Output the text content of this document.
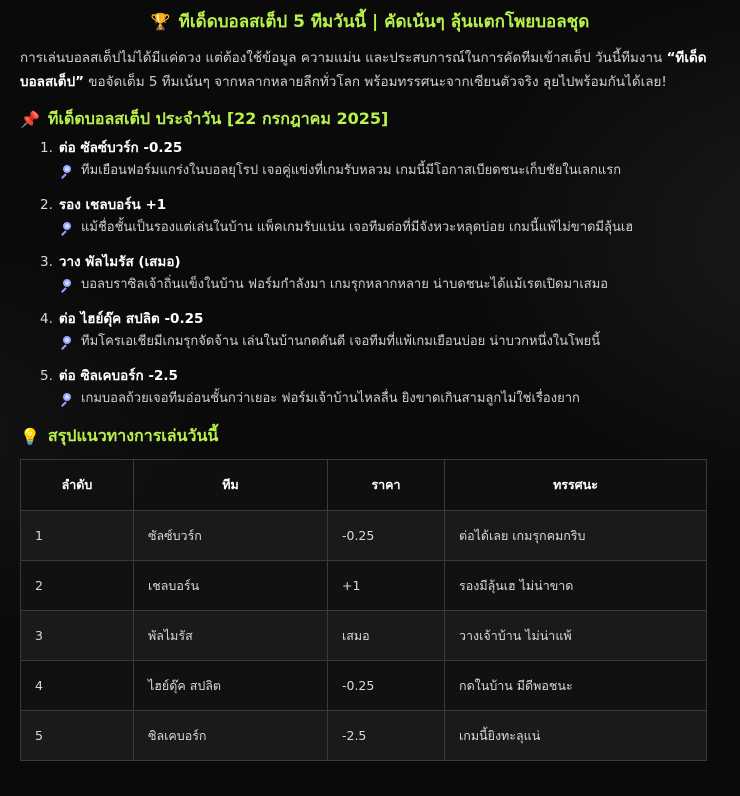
🏆 ทีเด็ดบอลสเต็ป 5 ทีมวันนี้ | คัดเน้นๆ ลุ้นแตกโพยบอลชุด

การเล่นบอลสเต็ปไม่ได้มีแค่ดวง แต่ต้องใช้ข้อมูล ความแม่น และประสบการณ์ในการคัดทีมเข้าสเต็ป วันนี้ทีมงาน “ทีเด็ดบอลสเต็ป” ขอจัดเต็ม 5 ทีมเน้นๆ จากหลากหลายลีกทั่วโลก พร้อมทรรศนะจากเซียนตัวจริง ลุยไปพร้อมกันได้เลย!

📌 ทีเด็ดบอลสเต็ป ประจำวัน [22 กรกฎาคม 2025]
1. ต่อ ซัลซ์บวร์ก -0.25
ทีมเยือนฟอร์มแกร่งในบอลยุโรป เจอคู่แข่งที่เกมรับหลวม เกมนี้มีโอกาสเบียดชนะเก็บชัยในเลกแรก
2. รอง เชลบอร์น +1
แม้ชื่อชั้นเป็นรองแต่เล่นในบ้าน แพ็คเกมรับแน่น เจอทีมต่อที่มีจังหวะหลุดบ่อย เกมนี้แพ้ไม่ขาดมีลุ้นเฮ
3. วาง พัลไมรัส (เสมอ)
บอลบราซิลเจ้าถิ่นแข็งในบ้าน ฟอร์มกำลังมา เกมรุกหลากหลาย น่าบดชนะได้แม้เรตเปิดมาเสมอ
4. ต่อ ไฮย์ดุ๊ค สปลิต -0.25
ทีมโครเอเชียมีเกมรุกจัดจ้าน เล่นในบ้านกดดันดี เจอทีมที่แพ้เกมเยือนบ่อย น่าบวกหนึ่งในโพยนี้
5. ต่อ ซิลเคบอร์ก -2.5
เกมบอลถ้วยเจอทีมอ่อนชั้นกว่าเยอะ ฟอร์มเจ้าบ้านไหลลื่น ยิงขาดเกินสามลูกไม่ใช่เรื่องยาก
💡 สรุปแนวทางการเล่นวันนี้
ลำดับ	ทีม	ราคา	ทรรศนะ
1	ซัลซ์บวร์ก	-0.25	ต่อได้เลย เกมรุกคมกริบ
2	เชลบอร์น	+1	รองมีลุ้นเฮ ไม่น่าขาด
3	พัลไมรัส	เสมอ	วางเจ้าบ้าน ไม่น่าแพ้
4	ไฮย์ดุ๊ค สปลิต	-0.25	กดในบ้าน มีดีพอชนะ
5	ซิลเคบอร์ก	-2.5	เกมนี้ยิงทะลุแน่
